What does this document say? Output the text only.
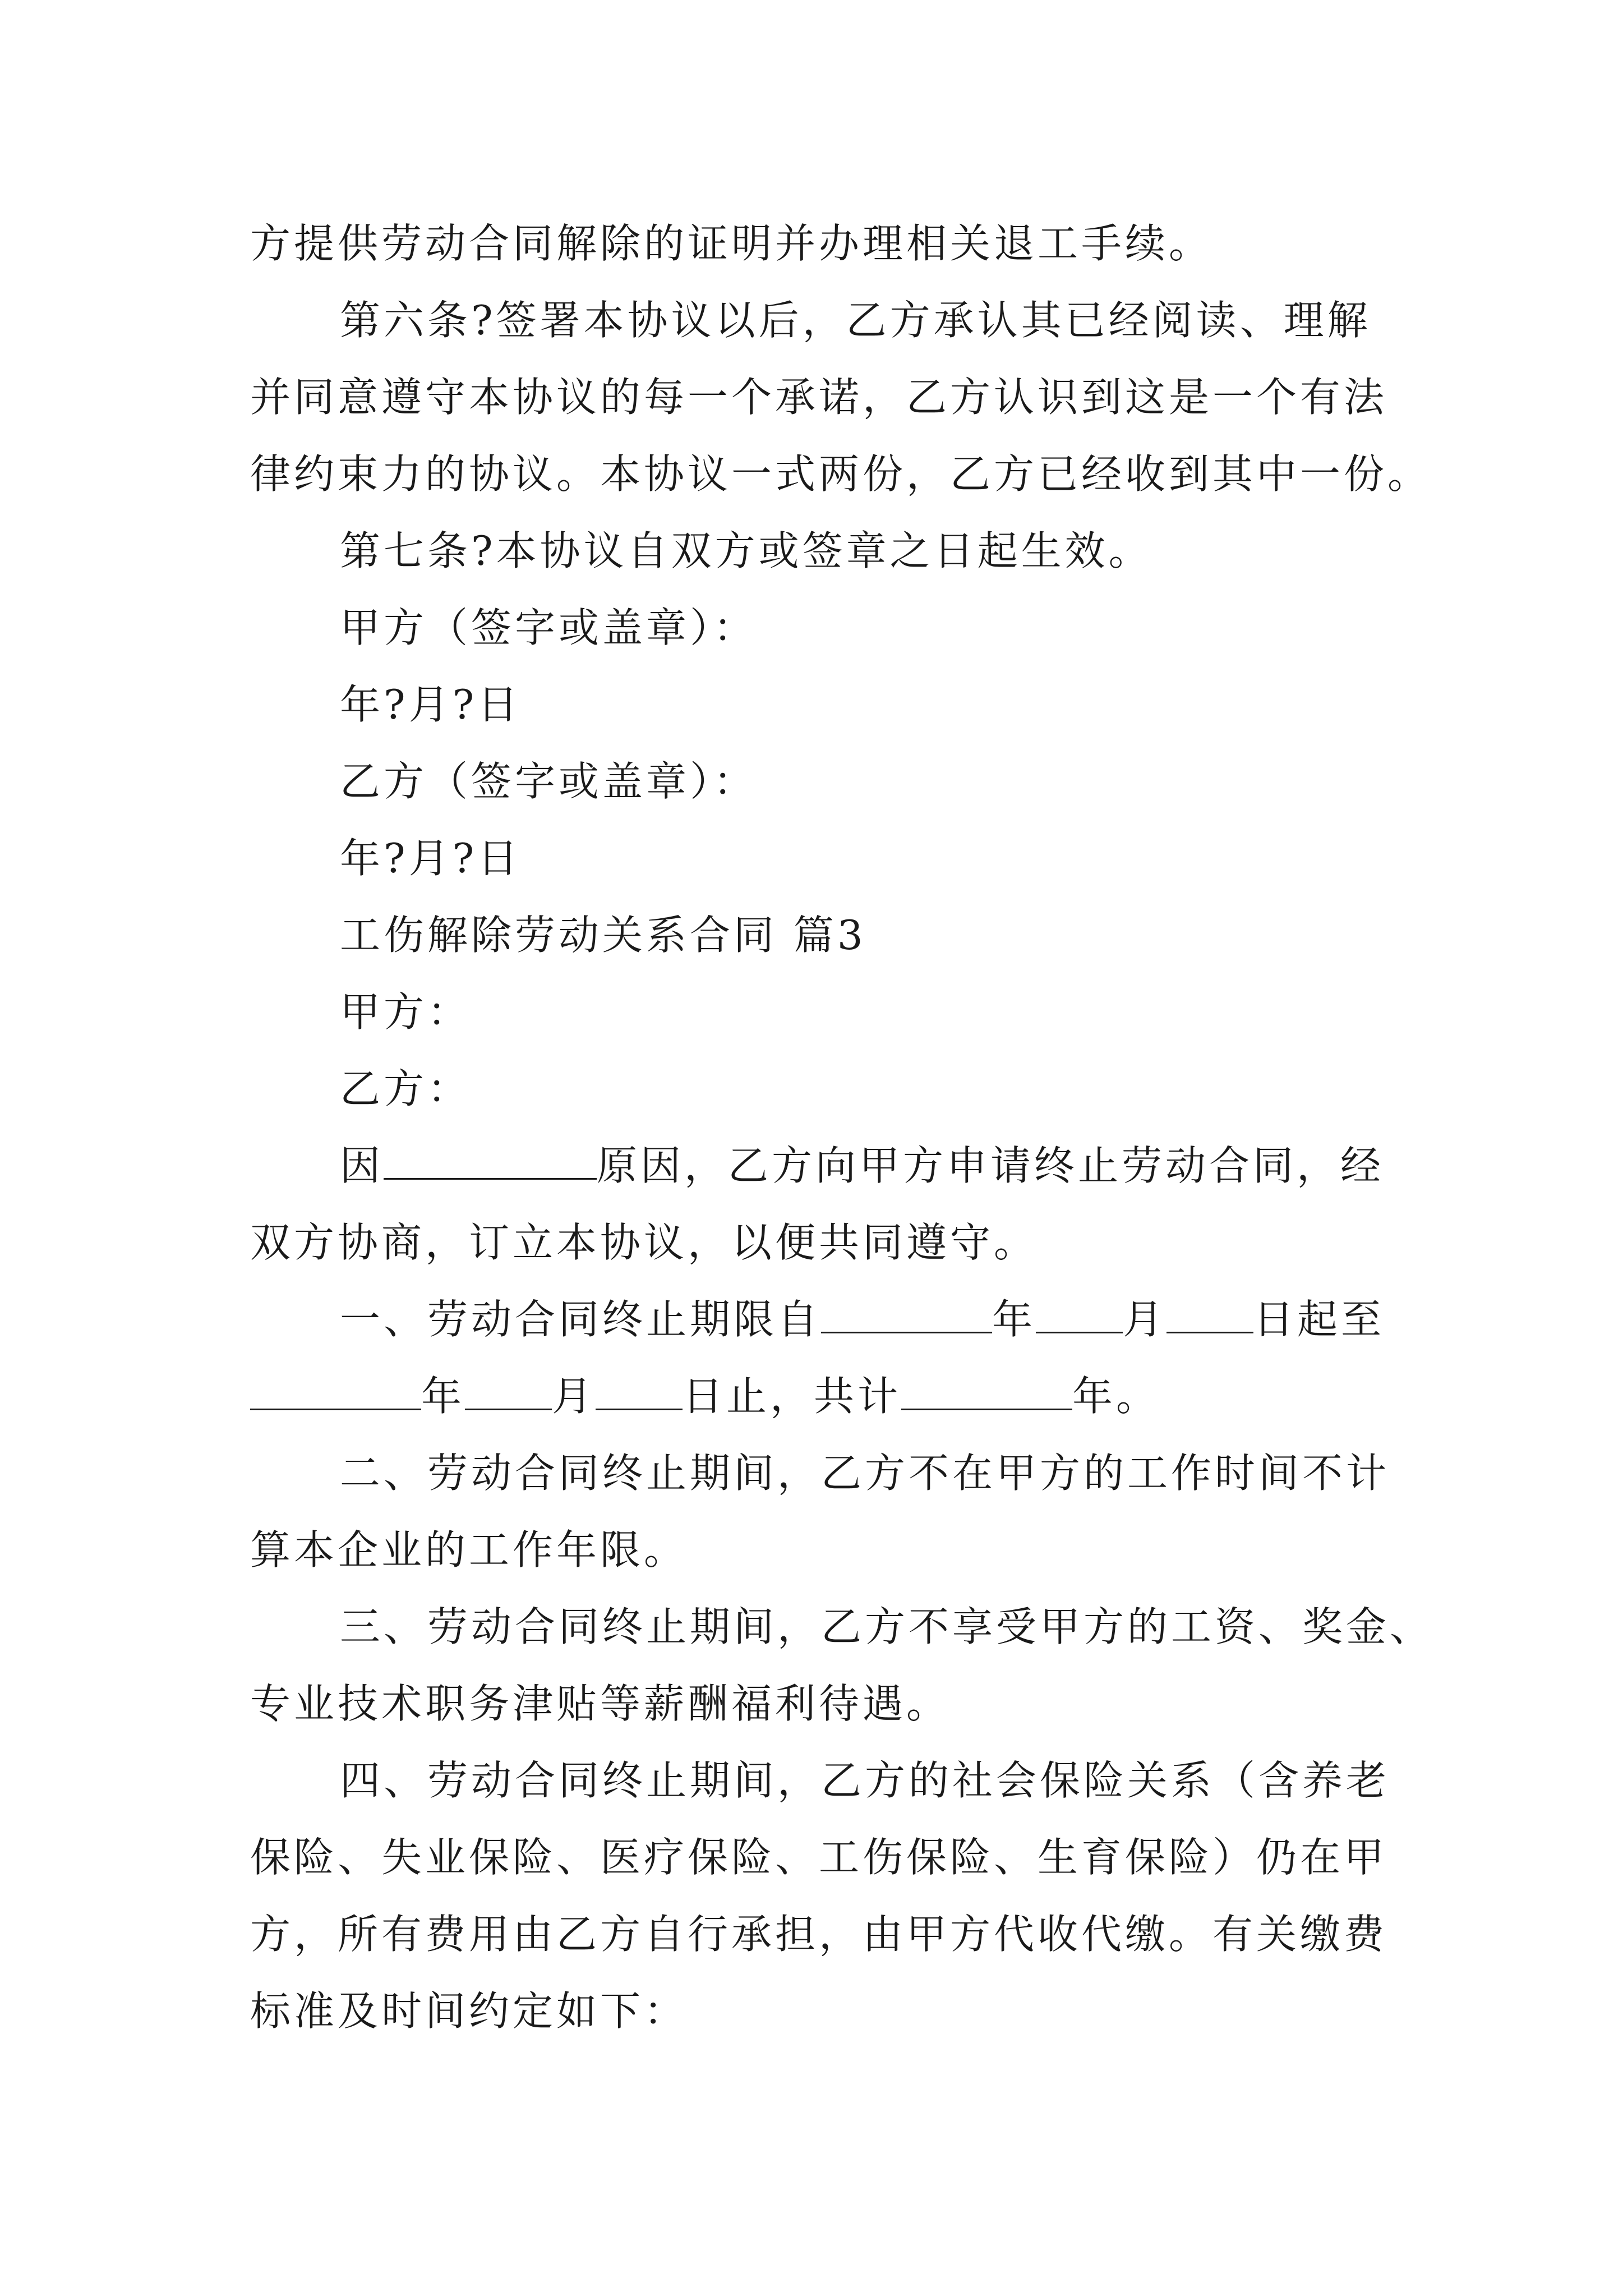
方提供劳动合同解除的证明并办理相关退工手续。

第六条?签署本协议以后，乙方承认其已经阅读、理解

并同意遵守本协议的每一个承诺，乙方认识到这是一个有法

律约束力的协议。本协议一式两份，乙方已经收到其中一份。

第七条?本协议自双方或签章之日起生效。

甲方（签字或盖章）：

年?月?日

乙方（签字或盖章）：

年?月?日

工伤解除劳动关系合同 篇3

甲方：

乙方：

因	原因，乙方向甲方申请终止劳动合同，经

双方协商，订立本协议，以便共同遵守。

一、劳动合同终止期限自	年 月 日起至

年 月 日止，共计	年。

二、劳动合同终止期间，乙方不在甲方的工作时间不计

算本企业的工作年限。

三、劳动合同终止期间，乙方不享受甲方的工资、奖金、

专业技术职务津贴等薪酬福利待遇。

四、劳动合同终止期间，乙方的社会保险关系（含养老

保险、失业保险、医疗保险、工伤保险、生育保险）仍在甲

方，所有费用由乙方自行承担，由甲方代收代缴。有关缴费

标准及时间约定如下：
